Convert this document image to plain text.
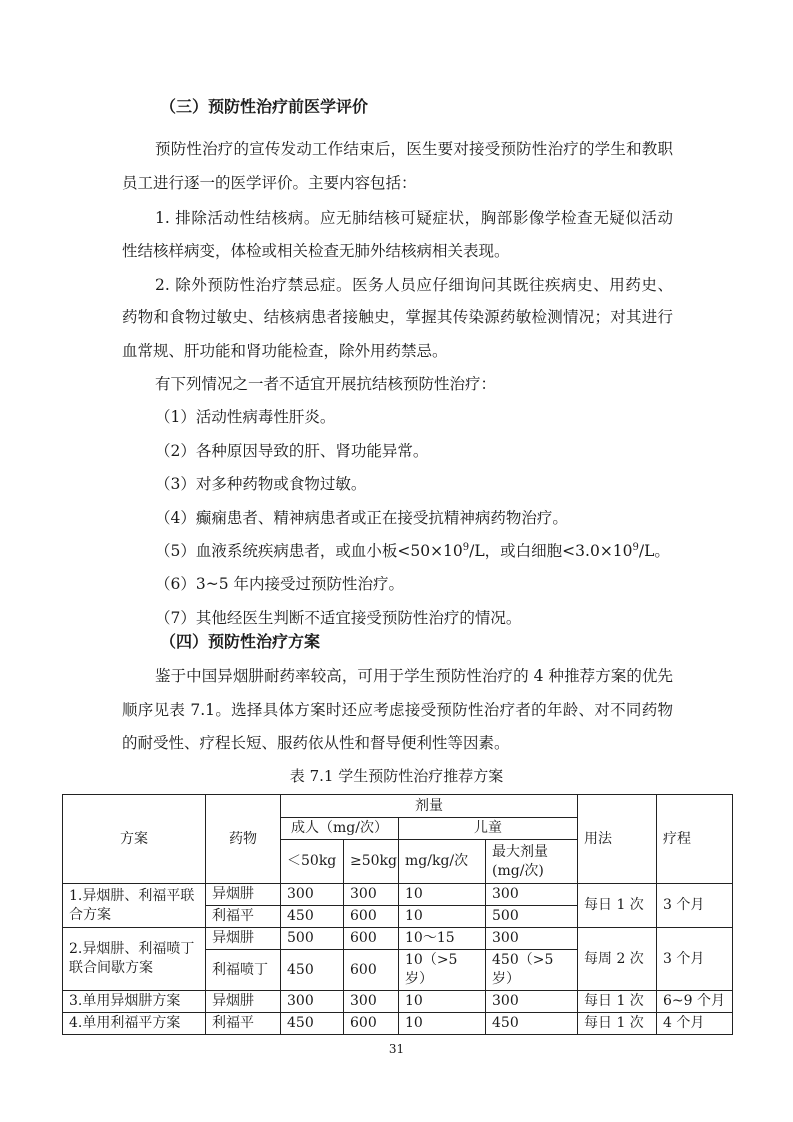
（三）预防性治疗前医学评价
预防性治疗的宣传发动工作结束后，医生要对接受预防性治疗的学生和教职
员工进行逐一的医学评价。主要内容包括：
1. 排除活动性结核病。应无肺结核可疑症状，胸部影像学检查无疑似活动
性结核样病变，体检或相关检查无肺外结核病相关表现。
2. 除外预防性治疗禁忌症。医务人员应仔细询问其既往疾病史、用药史、
药物和食物过敏史、结核病患者接触史，掌握其传染源药敏检测情况；对其进行
血常规、肝功能和肾功能检查，除外用药禁忌。
有下列情况之一者不适宜开展抗结核预防性治疗：
（1）活动性病毒性肝炎。
（2）各种原因导致的肝、肾功能异常。
（3）对多种药物或食物过敏。
（4）癫痫患者、精神病患者或正在接受抗精神病药物治疗。
（5）血液系统疾病患者，或血小板$<50\times 10^9/L$，或白细胞$<3.0\times 10^9/L$。
（6）3~5 年内接受过预防性治疗。
（7）其他经医生判断不适宜接受预防性治疗的情况。
（四）预防性治疗方案
鉴于中国异烟肼耐药率较高，可用于学生预防性治疗的 4 种推荐方案的优先
顺序见表 7.1。选择具体方案时还应考虑接受预防性治疗者的年龄、对不同药物
的耐受性、疗程长短、服药依从性和督导便利性等因素。
表 7.1 学生预防性治疗推荐方案
方案	药物	剂量				用法	疗程
		成人（mg/次）		儿童			
		＜50kg	≥50kg	mg/kg/次	最大剂量(mg/次)		
1.异烟肼、利福平联合方案	异烟肼	300	300	10	300	每日 1 次	3 个月
	利福平	450	600	10	500		
2.异烟肼、利福喷丁联合间歇方案	异烟肼	500	600	10～15	300	每周 2 次	3 个月
	利福喷丁	450	600	10（>5 岁）	450（>5 岁）		
3.单用异烟肼方案	异烟肼	300	300	10	300	每日 1 次	6~9 个月
4.单用利福平方案	利福平	450	600	10	450	每日 1 次	4 个月
31
